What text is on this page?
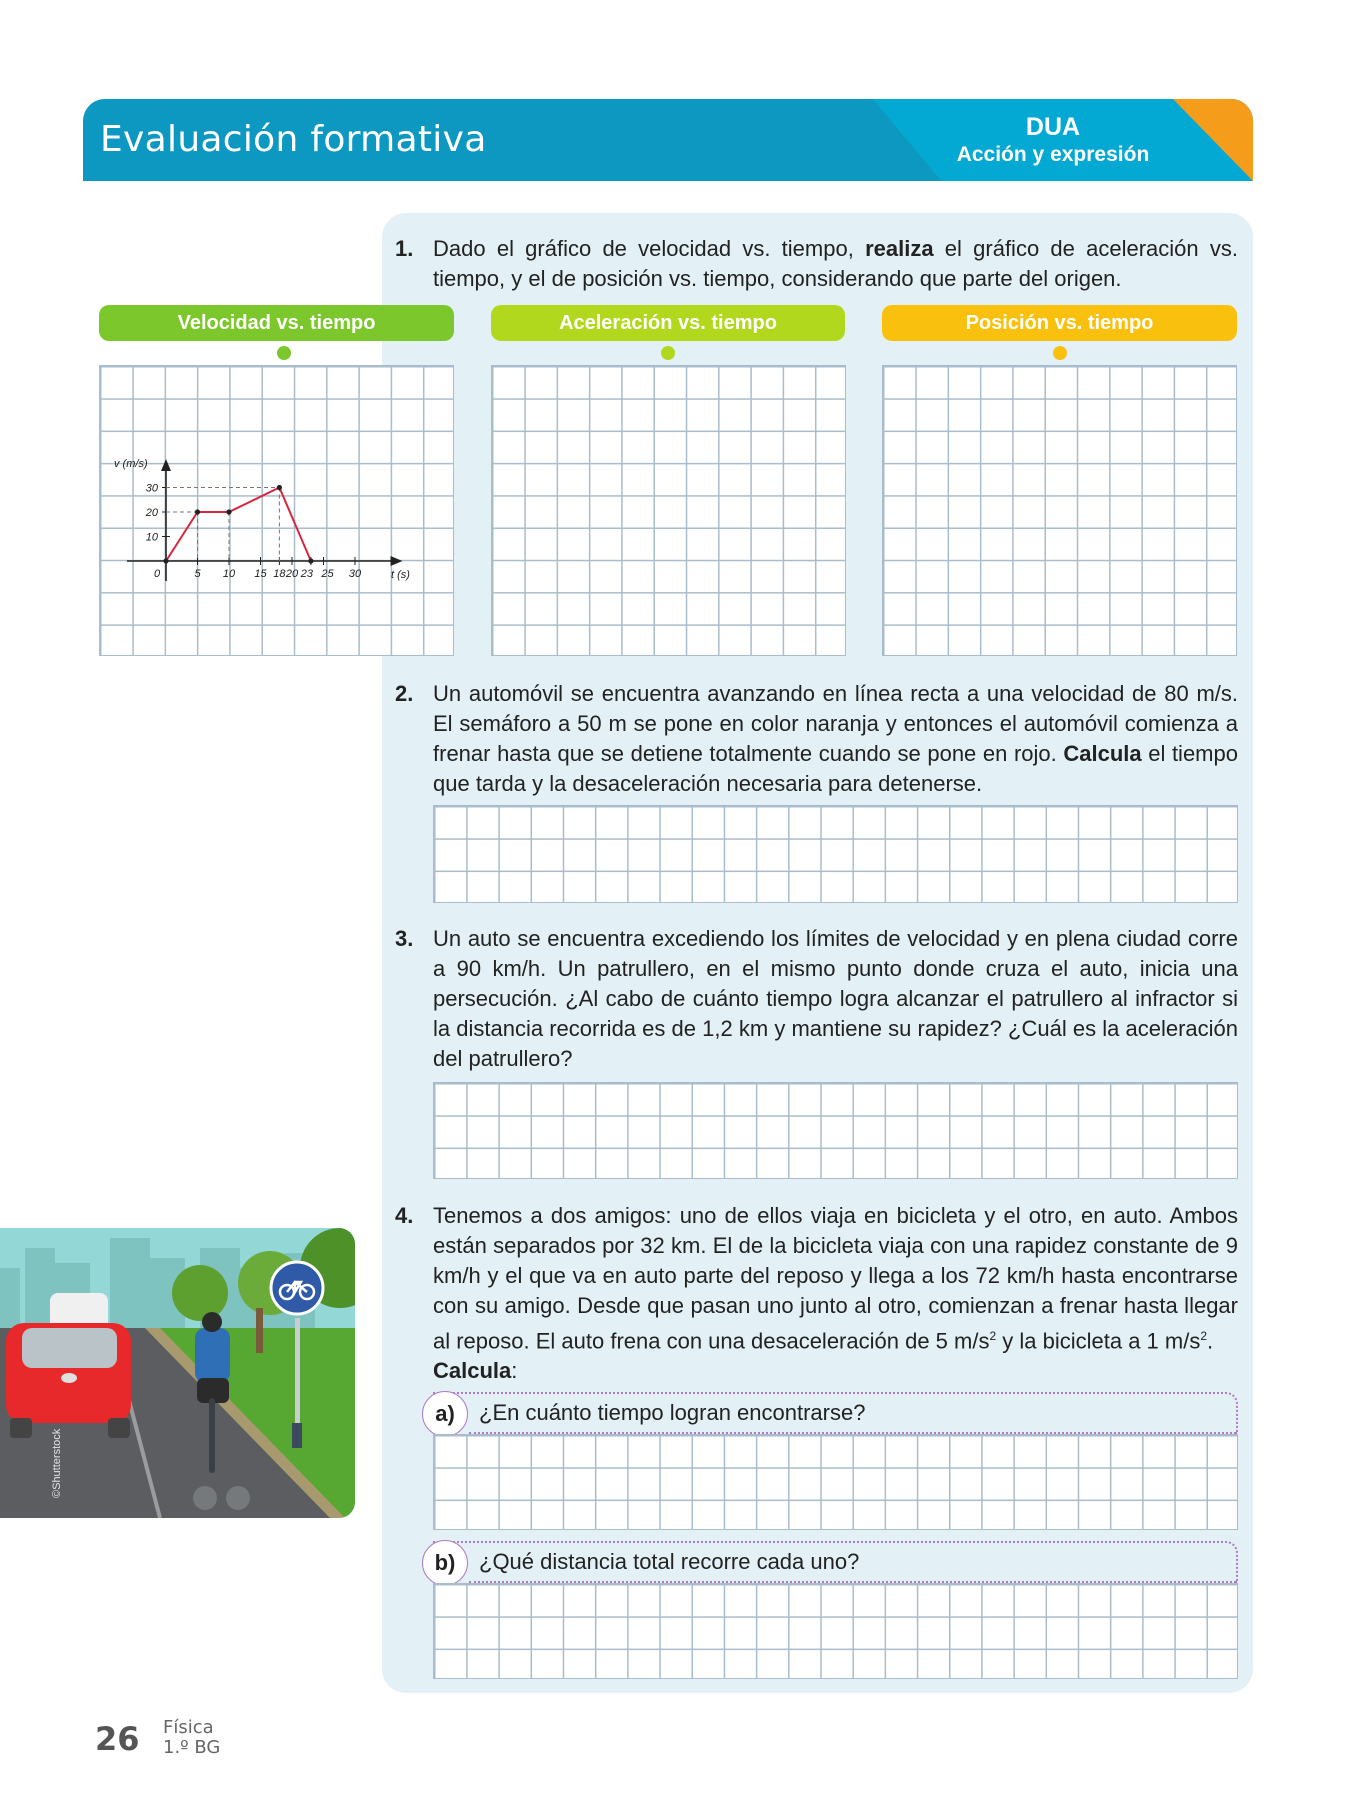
Evaluación formativa	DUA
Acción y expresión
1. Dado el gráfico de velocidad vs. tiempo, realiza el gráfico de aceleración vs. tiempo, y el de posición vs. tiempo, considerando que parte del origen.
Velocidad vs. tiempo	Aceleración vs. tiempo	Posición vs. tiempo
10
20
30
0	5 10 15 18 20 23 25 30	t (s)
v (m/s)
2. Un automóvil se encuentra avanzando en línea recta a una velocidad de 80 m/s. El semáforo a 50 m se pone en color naranja y entonces el automóvil comienza a frenar hasta que se detiene totalmente cuando se pone en rojo. Calcula el tiempo que tarda y la desaceleración necesaria para detenerse.
3. Un auto se encuentra excediendo los límites de velocidad y en plena ciudad corre a 90 km/h. Un patrullero, en el mismo punto donde cruza el auto, inicia una persecución. ¿Al cabo de cuánto tiempo logra alcanzar el patrullero al infractor si la distancia recorrida es de 1,2 km y mantiene su rapidez? ¿Cuál es la aceleración del patrullero?
4. Tenemos a dos amigos: uno de ellos viaja en bicicleta y el otro, en auto. Ambos están separados por 32 km. El de la bicicleta viaja con una rapidez constante de 9 km/h y el que va en auto parte del reposo y llega a los 72 km/h hasta encontrarse con su amigo. Desde que pasan uno junto al otro, comienzan a frenar hasta llegar al reposo. El auto frena con una desaceleración de 5 $m/s^2$ y la bicicleta a 1 $m/s^2$.
Calcula:
a)	¿En cuánto tiempo logran encontrarse?
b)	¿Qué distancia total recorre cada uno?
©Shutterstock
26 Física
1.º BG
